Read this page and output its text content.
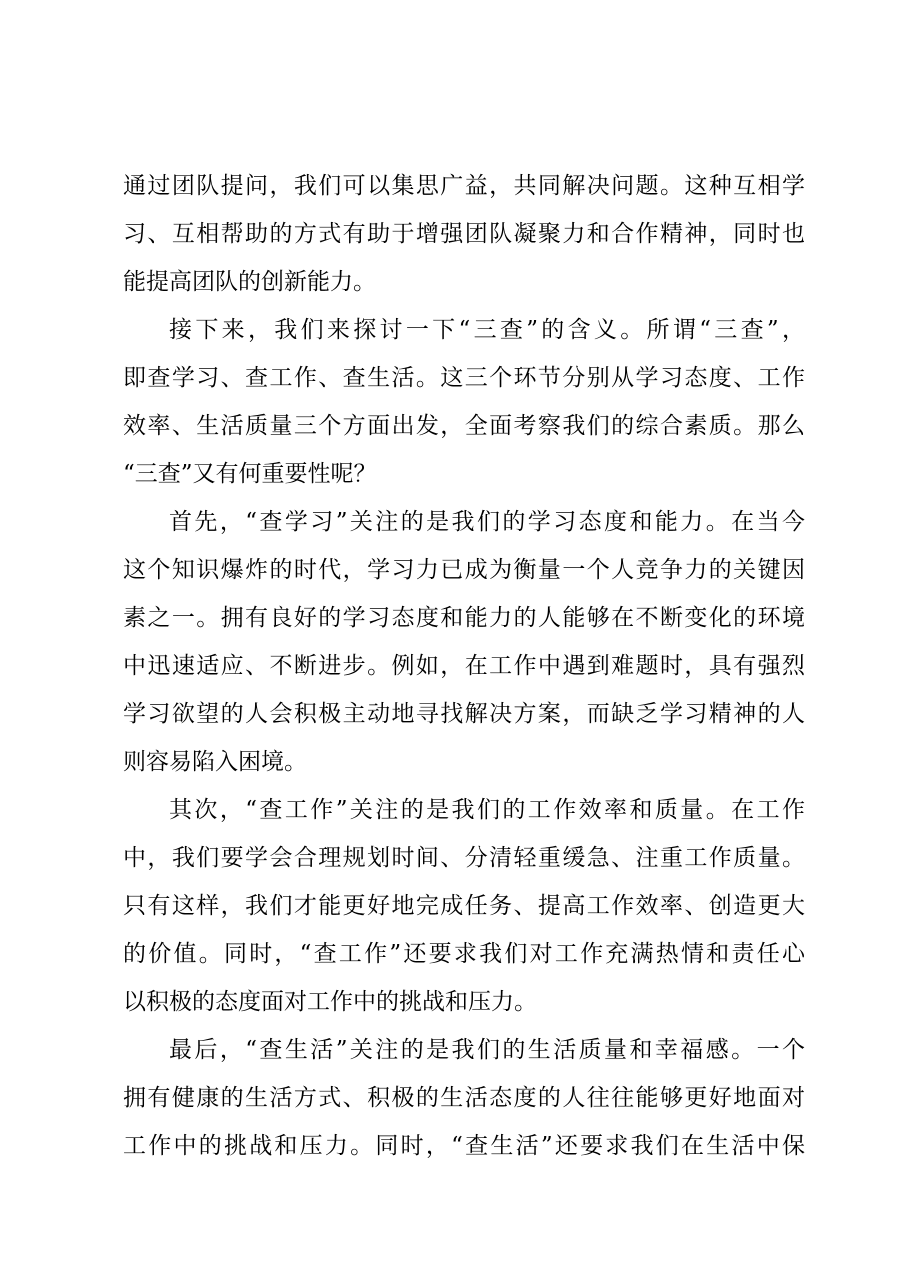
通过团队提问，我们可以集思广益，共同解决问题。这种互相学
习、互相帮助的方式有助于增强团队凝聚力和合作精神，同时也
能提高团队的创新能力。
接下来，我们来探讨一下“三查”的含义。所谓“三查”，
即查学习、查工作、查生活。这三个环节分别从学习态度、工作
效率、生活质量三个方面出发，全面考察我们的综合素质。那么
“三查”又有何重要性呢？
首先，“查学习”关注的是我们的学习态度和能力。在当今
这个知识爆炸的时代，学习力已成为衡量一个人竞争力的关键因
素之一。拥有良好的学习态度和能力的人能够在不断变化的环境
中迅速适应、不断进步。例如，在工作中遇到难题时，具有强烈
学习欲望的人会积极主动地寻找解决方案，而缺乏学习精神的人
则容易陷入困境。
其次，“查工作”关注的是我们的工作效率和质量。在工作
中，我们要学会合理规划时间、分清轻重缓急、注重工作质量。
只有这样，我们才能更好地完成任务、提高工作效率、创造更大
的价值。同时，“查工作”还要求我们对工作充满热情和责任心
以积极的态度面对工作中的挑战和压力。
最后，“查生活”关注的是我们的生活质量和幸福感。一个
拥有健康的生活方式、积极的生活态度的人往往能够更好地面对
工作中的挑战和压力。同时，“查生活”还要求我们在生活中保
